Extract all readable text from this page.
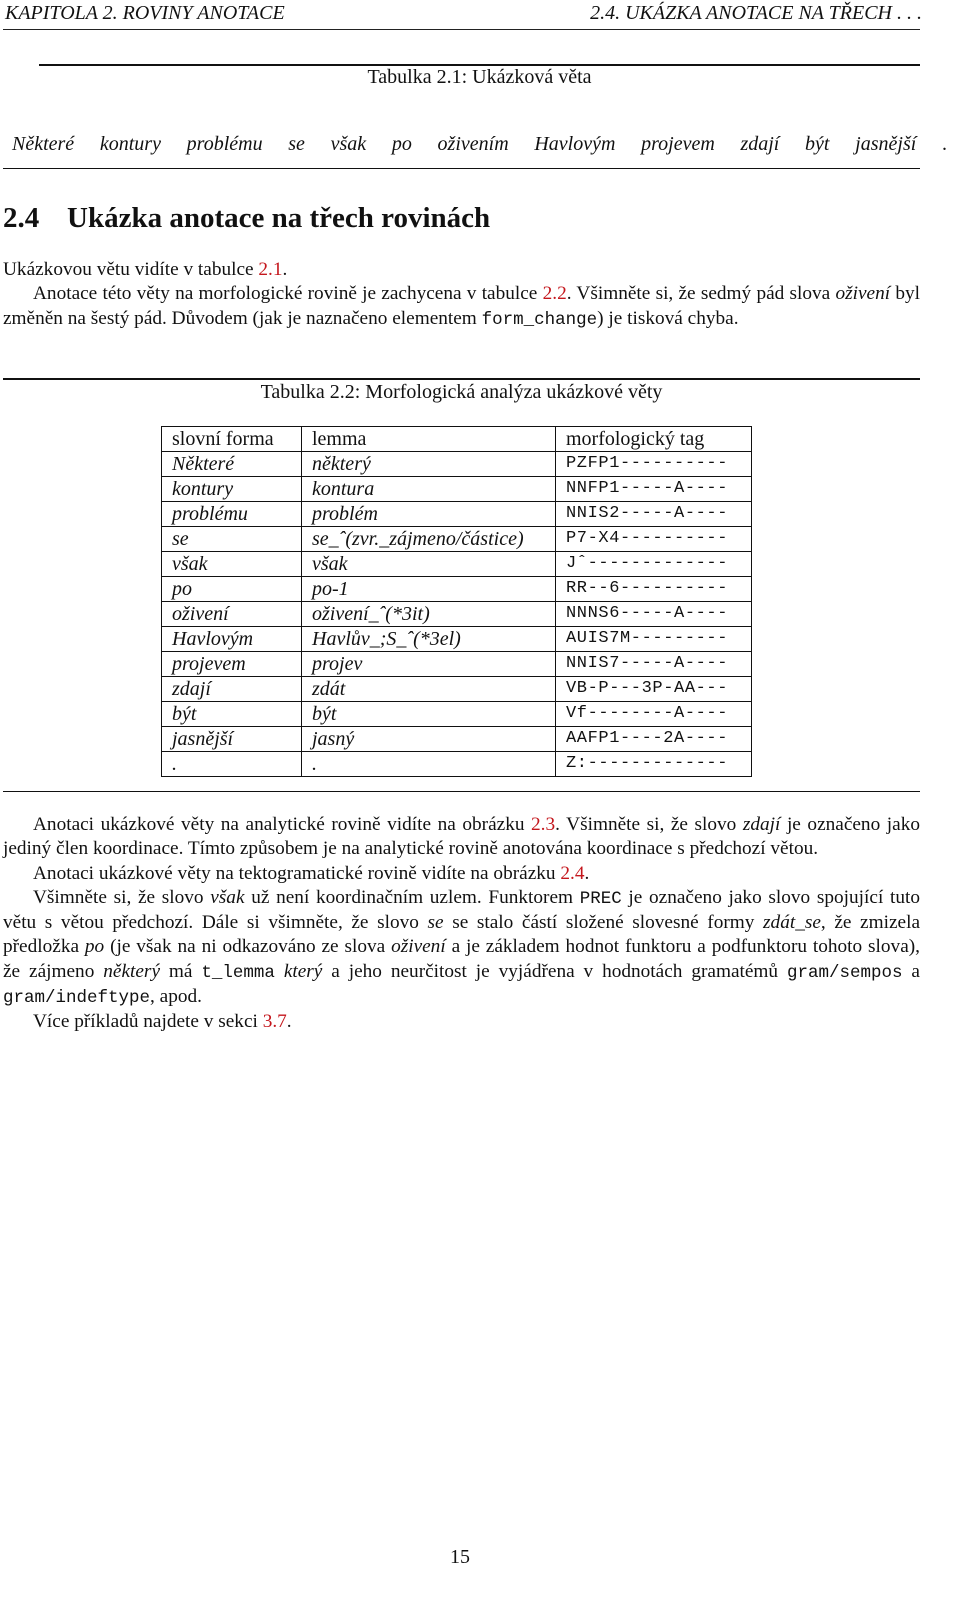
KAPITOLA 2. ROVINY ANOTACE	2.4. UKÁZKA ANOTACE NA TŘECH . . .
Tabulka 2.1: Ukázková věta
Některé kontury problému se však po oživením Havlovým projevem zdají být jasnější .
2.4 Ukázka anotace na třech rovinách

Ukázkovou větu vidíte v tabulce 2.1.

Anotace této věty na morfologické rovině je zachycena v tabulce 2.2. Všimněte si, že sedmý pád slova oživení byl změněn na šestý pád. Důvodem (jak je naznačeno elementem form_change) je tisková chyba.

Tabulka 2.2: Morfologická analýza ukázkové věty
slovní forma	lemma	morfologický tag
Některé	některý	PZFP1----------
kontury	kontura	NNFP1-----A----
problému	problém	NNIS2-----A----
se	se_ˆ(zvr._zájmeno/částice)	P7-X4----------
však	však	Jˆ-------------
po	po-1	RR--6----------
oživení	oživení_ˆ(*3it)	NNNS6-----A----
Havlovým	Havlův_;S_ˆ(*3el)	AUIS7M---------
projevem	projev	NNIS7-----A----
zdají	zdát	VB-P---3P-AA---
být	být	Vf--------A----
jasnější	jasný	AAFP1----2A----
.	.	Z:-------------

Anotaci ukázkové věty na analytické rovině vidíte na obrázku 2.3. Všimněte si, že slovo zdají je označeno jako jediný člen koordinace. Tímto způsobem je na analytické rovině anotována koordinace s předchozí větou.

Anotaci ukázkové věty na tektogramatické rovině vidíte na obrázku 2.4.

Všimněte si, že slovo však už není koordinačním uzlem. Funktorem PREC je označeno jako slovo spojující tuto větu s větou předchozí. Dále si všimněte, že slovo se se stalo částí složené slovesné formy zdát_se, že zmizela předložka po (je však na ni odkazováno ze slova oživení a je základem hodnot funktoru a podfunktoru tohoto slova), že zájmeno některý má t_lemma který a jeho neurčitost je vyjádřena v hodnotách gramatémů gram/sempos a gram/indeftype, apod.

Více příkladů najdete v sekci 3.7.

15
